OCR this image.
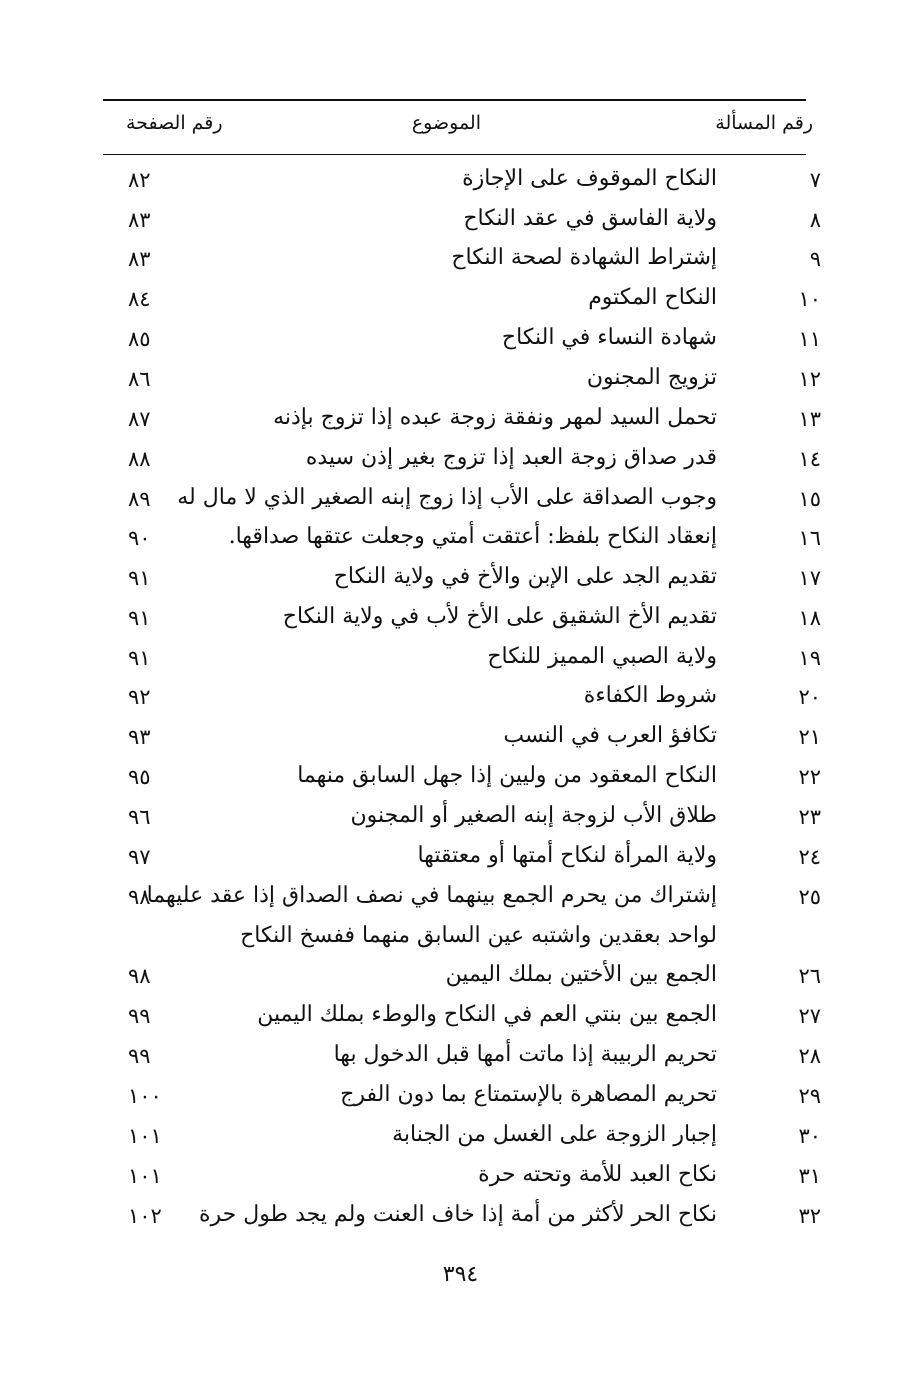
رقم المسألة
الموضوع
رقم الصفحة
٧
النكاح الموقوف على الإجازة
٨٢
٨
ولاية الفاسق في عقد النكاح
٨٣
٩
إشتراط الشهادة لصحة النكاح
٨٣
١٠
النكاح المكتوم
٨٤
١١
شهادة النساء في النكاح
٨٥
١٢
تزويج المجنون
٨٦
١٣
تحمل السيد لمهر ونفقة زوجة عبده إذا تزوج بإذنه
٨٧
١٤
قدر صداق زوجة العبد إذا تزوج بغير إذن سيده
٨٨
١٥
وجوب الصداقة على الأب إذا زوج إبنه الصغير الذي لا مال له
٨٩
١٦
إنعقاد النكاح بلفظ: أعتقت أمتي وجعلت عتقها صداقها.
٩٠
١٧
تقديم الجد على الإبن والأخ في ولاية النكاح
٩١
١٨
تقديم الأخ الشقيق على الأخ لأب في ولاية النكاح
٩١
١٩
ولاية الصبي المميز للنكاح
٩١
٢٠
شروط الكفاءة
٩٢
٢١
تكافؤ العرب في النسب
٩٣
٢٢
النكاح المعقود من وليين إذا جهل السابق منهما
٩٥
٢٣
طلاق الأب لزوجة إبنه الصغير أو المجنون
٩٦
٢٤
ولاية المرأة لنكاح أمتها أو معتقتها
٩٧
٢٥
إشتراك من يحرم الجمع بينهما في نصف الصداق إذا عقد عليهما
لواحد بعقدين واشتبه عين السابق منهما ففسخ النكاح
٩٨
٢٦
الجمع بين الأختين بملك اليمين
٩٨
٢٧
الجمع بين بنتي العم في النكاح والوطء بملك اليمين
٩٩
٢٨
تحريم الربيبة إذا ماتت أمها قبل الدخول بها
٩٩
٢٩
تحريم المصاهرة بالإستمتاع بما دون الفرج
١٠٠
٣٠
إجبار الزوجة على الغسل من الجنابة
١٠١
٣١
نكاح العبد للأمة وتحته حرة
١٠١
٣٢
نكاح الحر لأكثر من أمة إذا خاف العنت ولم يجد طول حرة
١٠٢
٣٩٤
